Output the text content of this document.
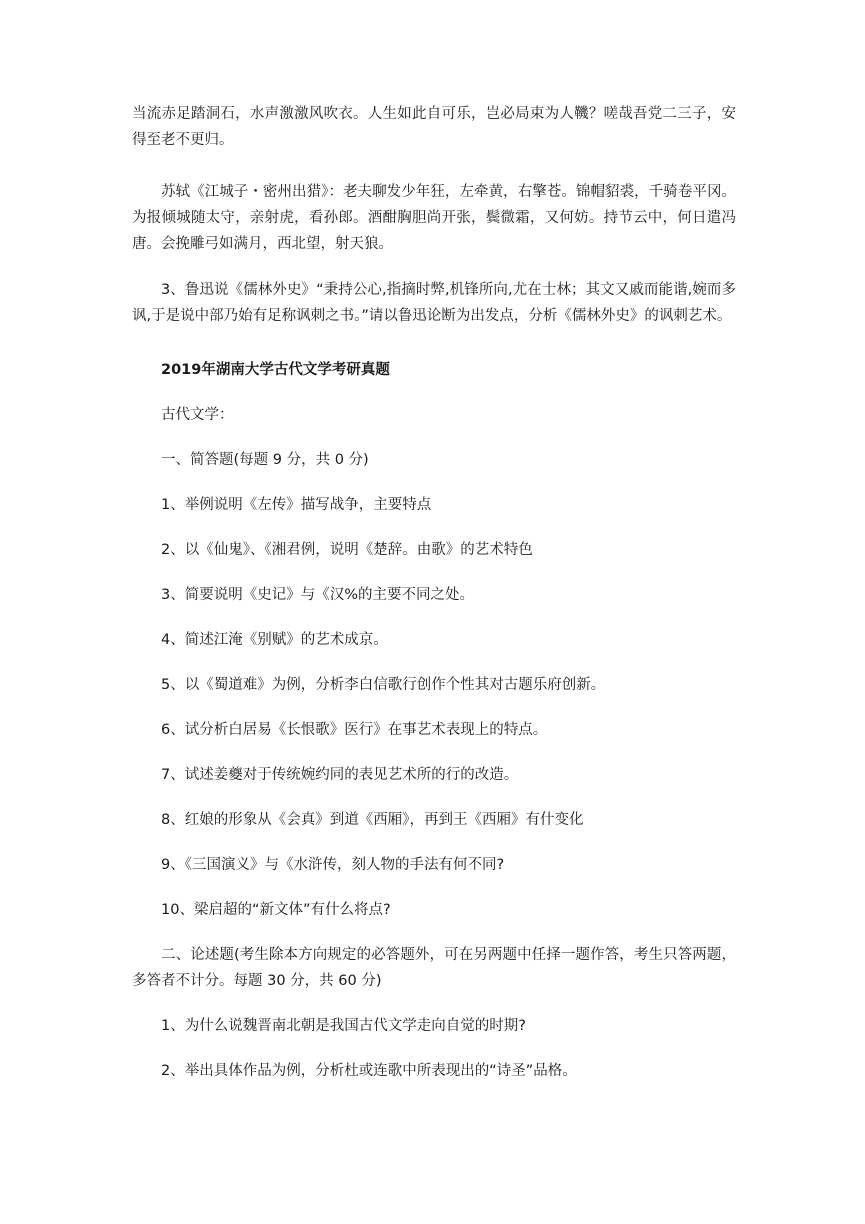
当流赤足踏洞石，水声激激风吹衣。人生如此自可乐，岂必局束为人鞿？嗟哉吾党二三子，安得至老不更归。

苏轼《江城子・密州出猎》：老夫聊发少年狂，左牵黄，右擎苍。锦帽貂裘，千骑卷平冈。为报倾城随太守，亲射虎，看孙郎。酒酣胸胆尚开张，鬓微霜，又何妨。持节云中，何日遣冯唐。会挽雕弓如满月，西北望，射天狼。

3、鲁迅说《儒林外史》“秉持公心,指摘时弊,机锋所向,尤在士林；其文又戚而能谐,婉而多讽,于是说中部乃始有足称讽刺之书。”请以鲁迅论断为出发点，分析《儒林外史》的讽刺艺术。

2019年湖南大学古代文学考研真题

古代文学：

一、简答题(每题 9 分，共 0 分)

1、举例说明《左传》描写战争，主要特点

2、以《仙鬼》、《湘君例，说明《楚辞。由歌》的艺术特色

3、简要说明《史记》与《汉%的主要不同之处。

4、简述江淹《别赋》的艺术成京。

5、以《蜀道难》为例，分析李白信歌行创作个性其对古题乐府创新。

6、试分析白居易《长恨歌》医行》在事艺术表现上的特点。

7、试述姜夔对于传统婉约同的表见艺术所的行的改造。

8、红娘的形象从《会真》到道《西厢》，再到王《西厢》有什变化

9、《三国演义》与《水浒传，刻人物的手法有何不同?

10、梁启超的“新文体”有什么将点?

二、论述题(考生除本方向规定的必答题外，可在另两题中任择一题作答，考生只答两题，多答者不计分。每题 30 分，共 60 分)

1、为什么说魏晋南北朝是我国古代文学走向自觉的时期?

2、举出具体作品为例，分析杜或连歌中所表现出的“诗圣”品格。
